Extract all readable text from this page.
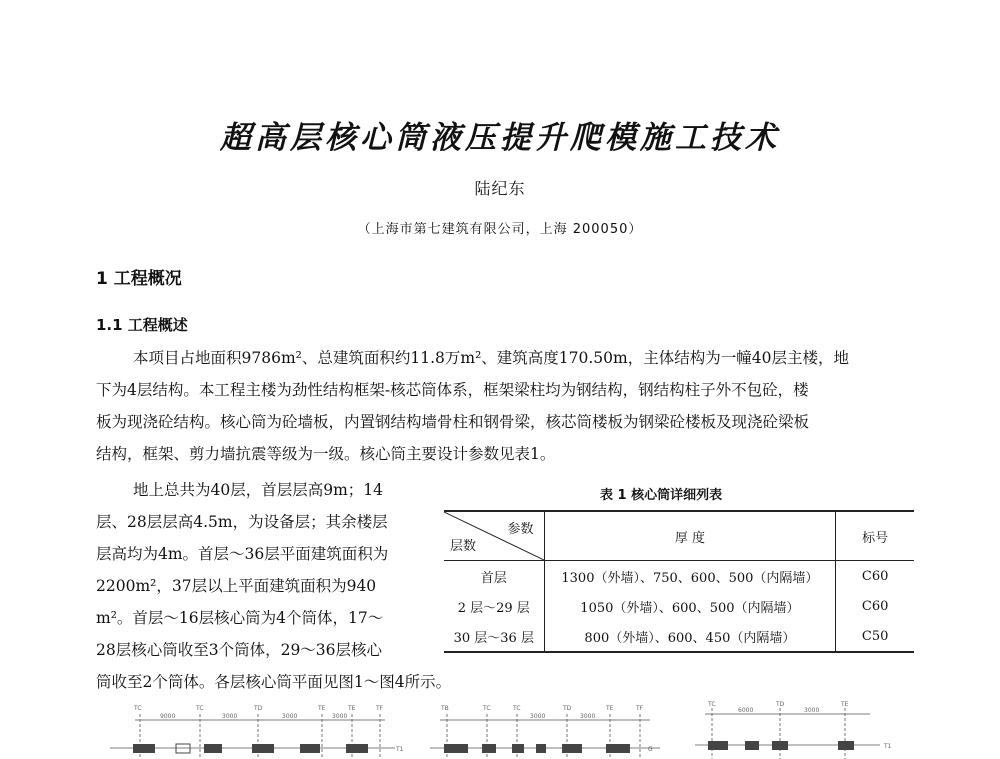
超高层核心筒液压提升爬模施工技术
陆纪东
（上海市第七建筑有限公司，上海 200050）
1 工程概况
1.1 工程概述
本项目占地面积9786m²、总建筑面积约11.8万m²、建筑高度170.50m，主体结构为一幢40层主楼，地
下为4层结构。本工程主楼为劲性结构框架-核芯筒体系，框架梁柱均为钢结构，钢结构柱子外不包砼，楼
板为现浇砼结构。核心筒为砼墙板，内置钢结构墙骨柱和钢骨梁，核芯筒楼板为钢梁砼楼板及现浇砼梁板
结构，框架、剪力墙抗震等级为一级。核心筒主要设计参数见表1。
地上总共为40层，首层层高9m；14
层、28层层高4.5m，为设备层；其余楼层
层高均为4m。首层～36层平面建筑面积为
2200m²，37层以上平面建筑面积为940
m²。首层～16层核心筒为4个筒体，17～
28层核心筒收至3个筒体，29～36层核心
筒收至2个筒体。各层核心筒平面见图1～图4所示。
表 1 核心筒详细列表
参数
层数	厚 度	标号
首层	1300（外墙）、750、600、500（内隔墙）	C60
2 层～29 层	1050（外墙）、600、500（内隔墙）	C60
30 层～36 层	800（外墙）、600、450（内隔墙）	C50
TC	TC	TD	TE	TE	TF
9000	3000	3000	3000
T1
TB	TC	TC	TD	TE	TF
3000	3000
G
TC	TD	TE
6000	3000
T1
